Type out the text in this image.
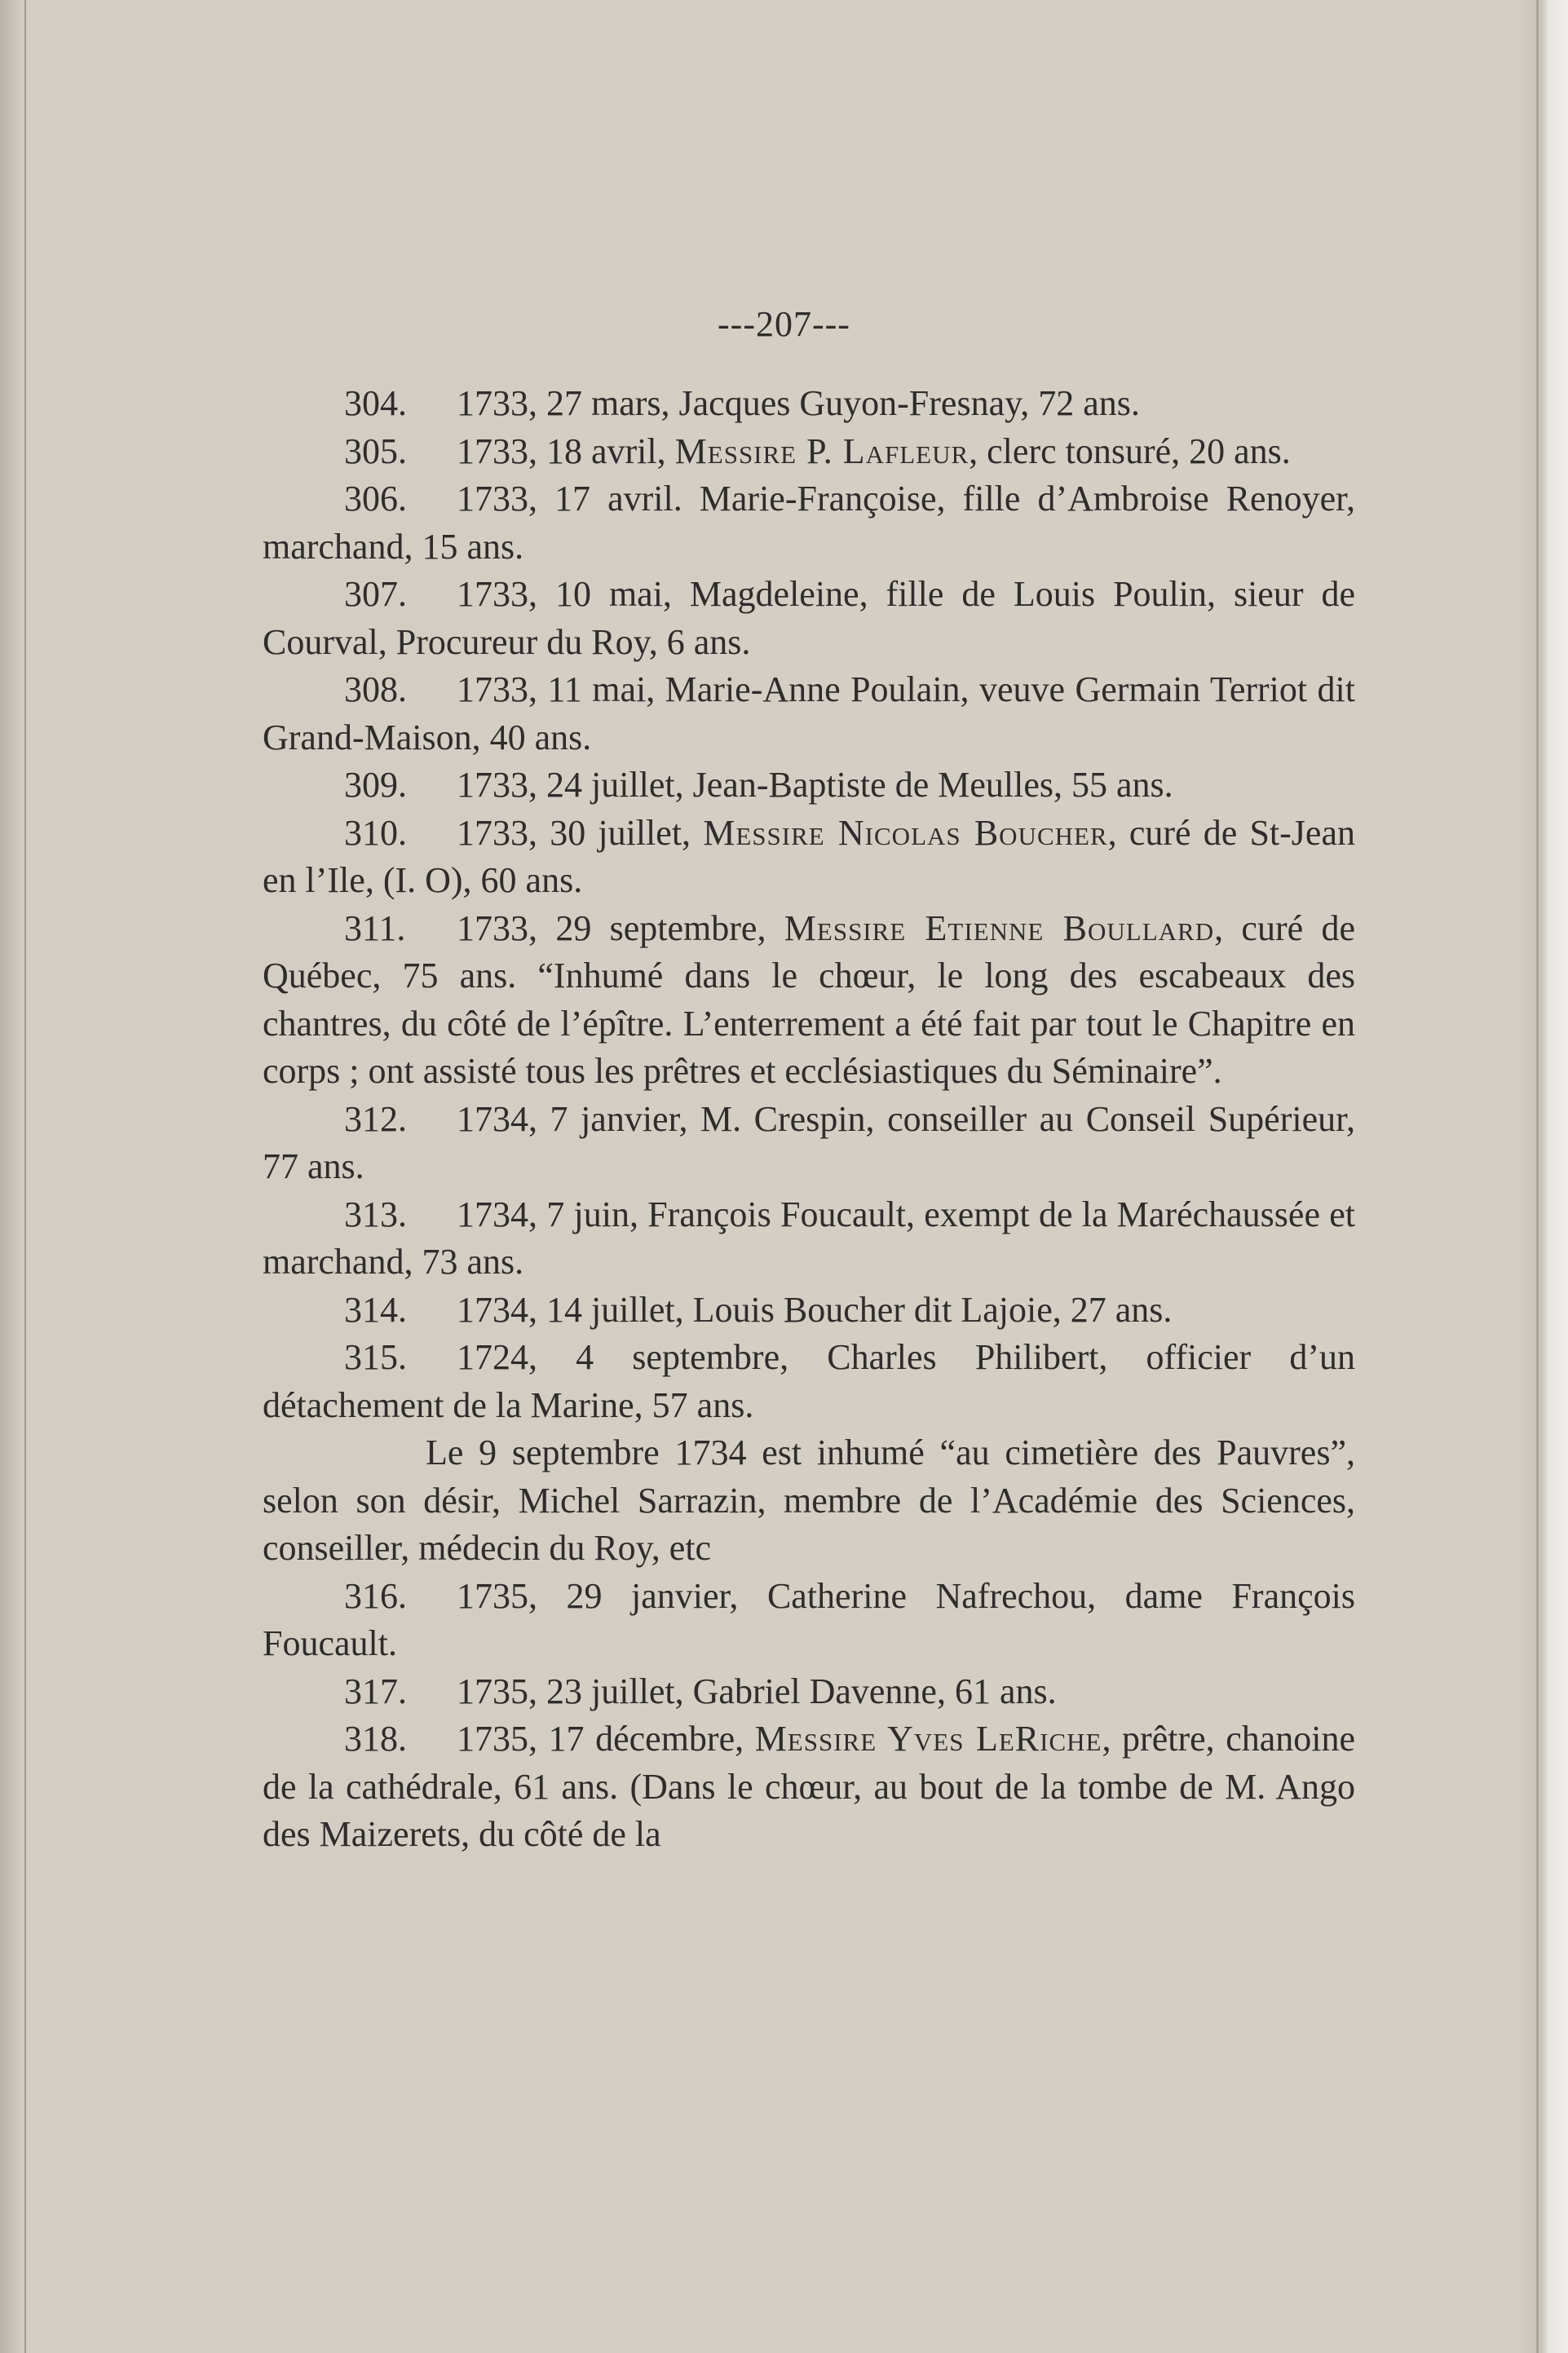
---207---

304. 1733, 27 mars, Jacques Guyon-Fresnay, 72 ans.

305. 1733, 18 avril, Messire P. Lafleur, clerc tonsuré, 20 ans.

306. 1733, 17 avril. Marie-Françoise, fille d’Ambroise Renoyer, marchand, 15 ans.

307. 1733, 10 mai, Magdeleine, fille de Louis Poulin, sieur de Courval, Procureur du Roy, 6 ans.

308. 1733, 11 mai, Marie-Anne Poulain, veuve Germain Terriot dit Grand-Maison, 40 ans.

309. 1733, 24 juillet, Jean-Baptiste de Meulles, 55 ans.

310. 1733, 30 juillet, Messire Nicolas Boucher, curé de St-Jean en l’Ile, (I. O), 60 ans.

311. 1733, 29 septembre, Messire Etienne Boullard, curé de Québec, 75 ans. “Inhumé dans le chœur, le long des escabeaux des chantres, du côté de l’épître. L’enterrement a été fait par tout le Chapitre en corps ; ont assisté tous les prêtres et ecclésiastiques du Séminaire”.

312. 1734, 7 janvier, M. Crespin, conseiller au Conseil Supérieur, 77 ans.

313. 1734, 7 juin, François Foucault, exempt de la Maréchaussée et marchand, 73 ans.

314. 1734, 14 juillet, Louis Boucher dit Lajoie, 27 ans.

315. 1724, 4 septembre, Charles Philibert, officier d’un détachement de la Marine, 57 ans.

Le 9 septembre 1734 est inhumé “au cimetière des Pauvres”, selon son désir, Michel Sarrazin, membre de l’Académie des Sciences, conseiller, médecin du Roy, etc

316. 1735, 29 janvier, Catherine Nafrechou, dame François Foucault.

317. 1735, 23 juillet, Gabriel Davenne, 61 ans.

318. 1735, 17 décembre, Messire Yves LeRiche, prêtre, chanoine de la cathédrale, 61 ans. (Dans le chœur, au bout de la tombe de M. Ango des Maizerets, du côté de la
